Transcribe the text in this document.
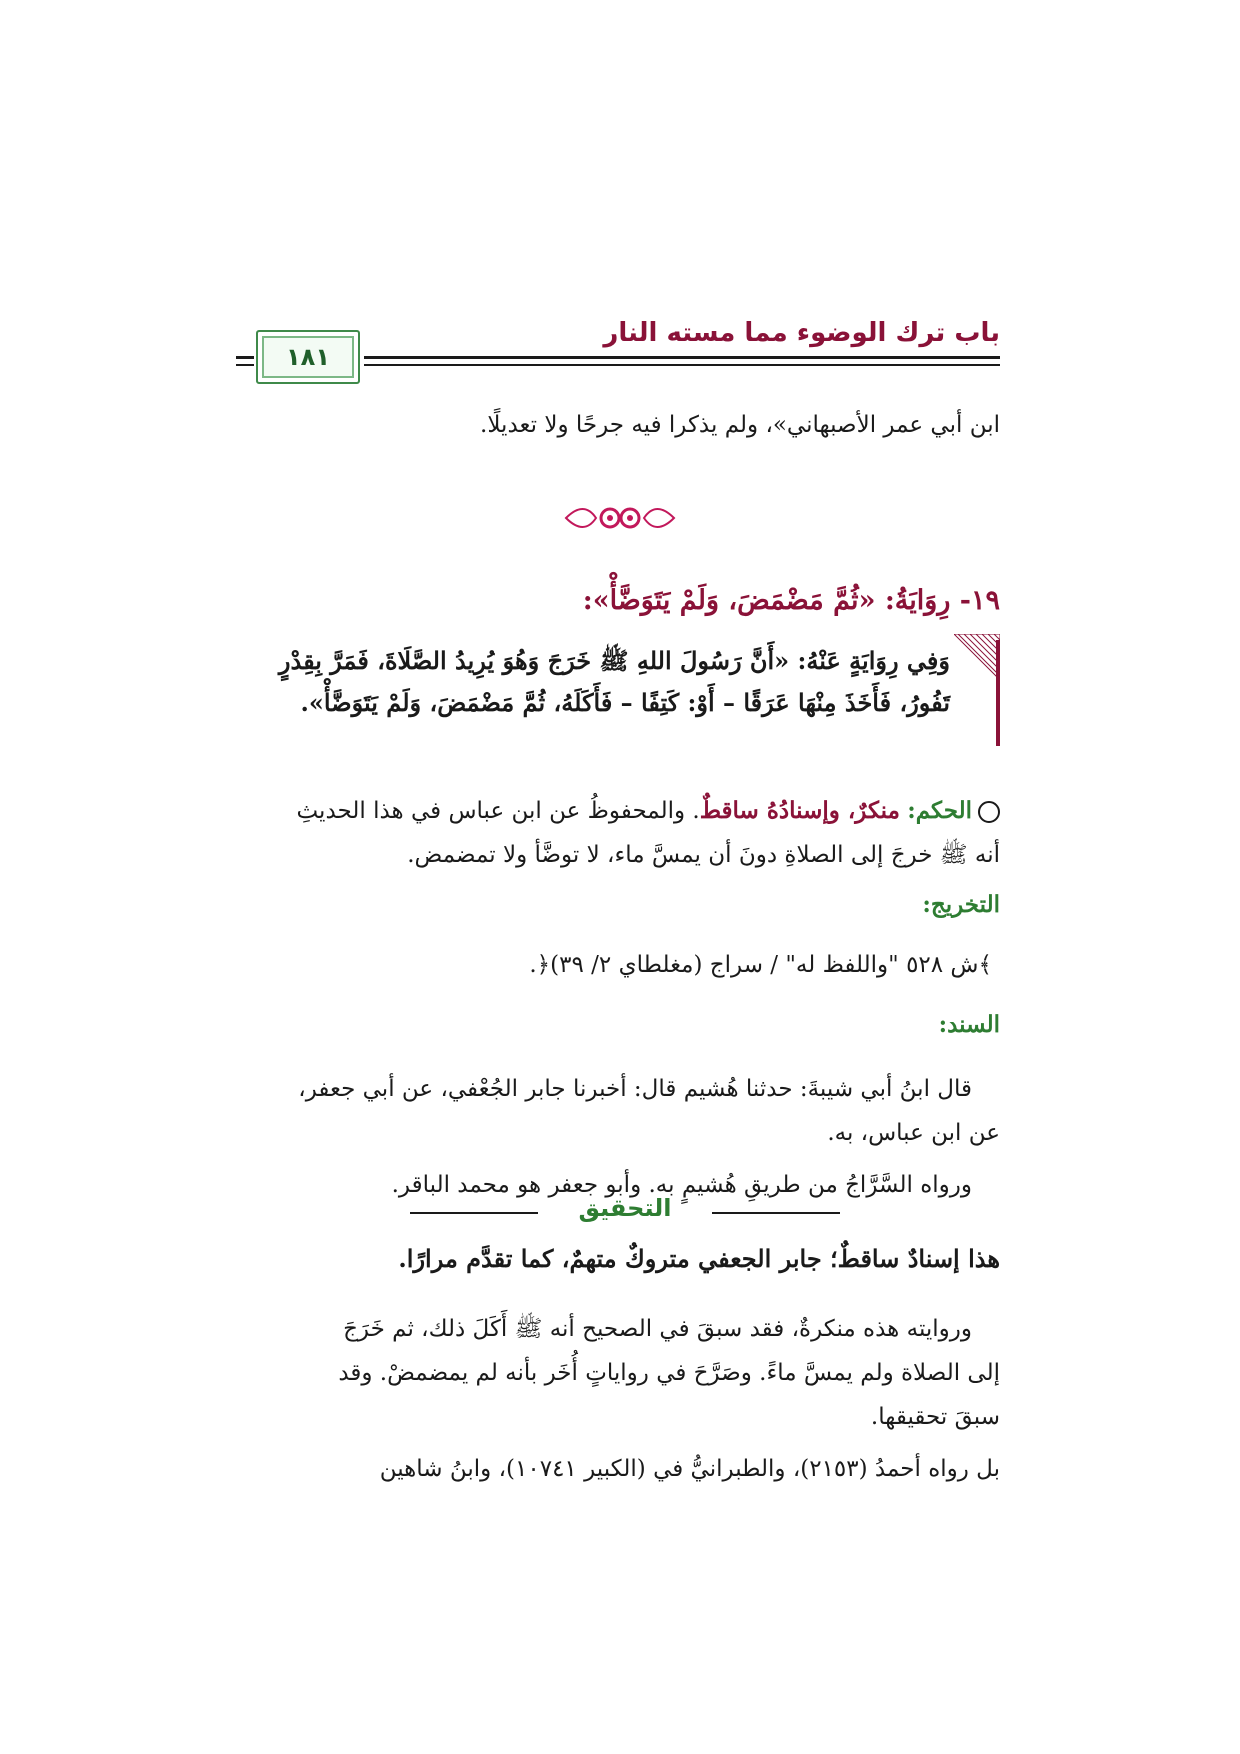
باب ترك الوضوء مما مسته النار
١٨١
ابن أبي عمر الأصبهاني»، ولم يذكرا فيه جرحًا ولا تعديلًا.
١٩- رِوَايَةُ: «ثُمَّ مَضْمَضَ، وَلَمْ يَتَوَضَّأْ»:
وَفِي رِوَايَةٍ عَنْهُ: «أَنَّ رَسُولَ اللهِ ﷺ خَرَجَ وَهُوَ يُرِيدُ الصَّلَاةَ، فَمَرَّ بِقِدْرٍ
تَفُورُ، فَأَخَذَ مِنْهَا عَرَقًا – أَوْ: كَتِفًا – فَأَكَلَهُ، ثُمَّ مَضْمَضَ، وَلَمْ يَتَوَضَّأْ».
الحكم: منكرٌ، وإسنادُهُ ساقطٌ. والمحفوظُ عن ابن عباس في هذا الحديثِ
أنه ﷺ خرجَ إلى الصلاةِ دونَ أن يمسَّ ماء، لا توضَّأ ولا تمضمض.
التخريج:
﴾ش ٥٢٨ "واللفظ له" / سراج (مغلطاي ٢/ ٣٩)﴿.
السند:
قال ابنُ أبي شيبةَ: حدثنا هُشيم قال: أخبرنا جابر الجُعْفي، عن أبي جعفر،
عن ابن عباس، به.
ورواه السَّرَّاجُ من طريقِ هُشيمٍ به. وأبو جعفر هو محمد الباقر.
التحقيق
هذا إسنادٌ ساقطٌ؛ جابر الجعفي متروكٌ متهمٌ، كما تقدَّم مرارًا.
وروايته هذه منكرةٌ، فقد سبقَ في الصحيح أنه ﷺ أَكَلَ ذلك، ثم خَرَجَ
إلى الصلاة ولم يمسَّ ماءً. وصَرَّحَ في رواياتٍ أُخَر بأنه لم يمضمضْ. وقد
سبقَ تحقيقها.
بل رواه أحمدُ (٢١٥٣)، والطبرانيُّ في (الكبير ١٠٧٤١)، وابنُ شاهين
